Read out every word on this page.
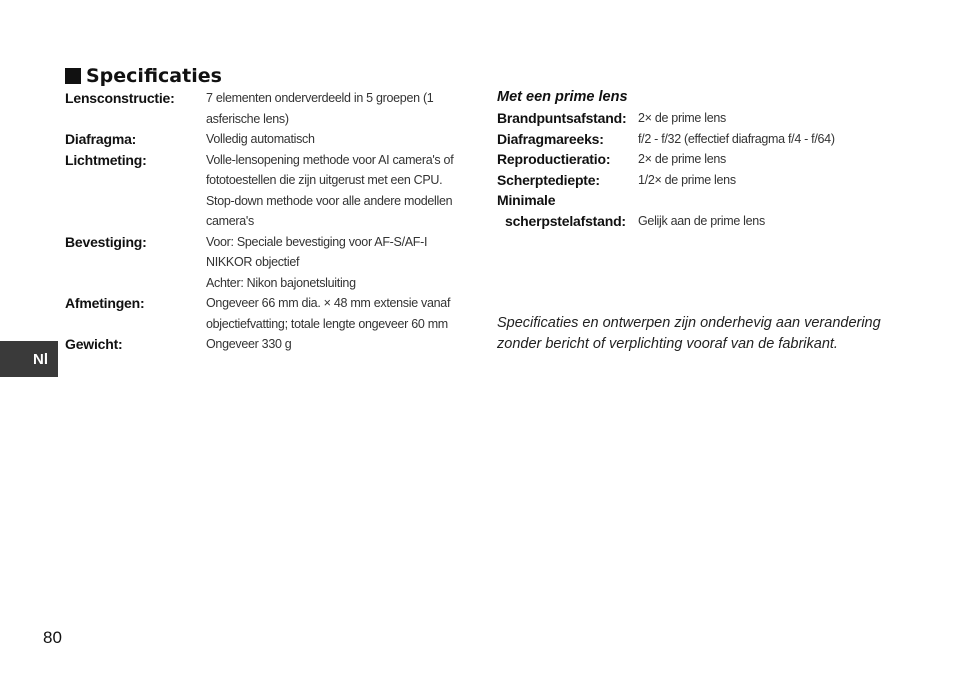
Specificaties
Lensconstructie:	7 elementen onderverdeeld in 5 groepen (1
asferische lens)
Diafragma:	Volledig automatisch
Lichtmeting:	Volle-lensopening methode voor AI camera's of
fototoestellen die zijn uitgerust met een CPU.
Stop-down methode voor alle andere modellen
camera's
Bevestiging:	Voor: Speciale bevestiging voor AF-S/AF-I
NIKKOR objectief
Achter: Nikon bajonetsluiting
Afmetingen:	Ongeveer 66 mm dia. × 48 mm extensie vanaf
objectiefvatting; totale lengte ongeveer 60 mm
Gewicht:	Ongeveer 330 g
Met een prime lens
Brandpuntsafstand: 2× de prime lens
Diafragmareeks:	f/2 - f/32 (effectief diafragma f/4 - f/64)
Reproductieratio:	2× de prime lens
Scherptediepte:	1/2× de prime lens
Minimale
scherpstelafstand: Gelijk aan de prime lens
Specificaties en ontwerpen zijn onderhevig aan verandering zonder bericht of verplichting vooraf van de fabrikant.
Nl
80
